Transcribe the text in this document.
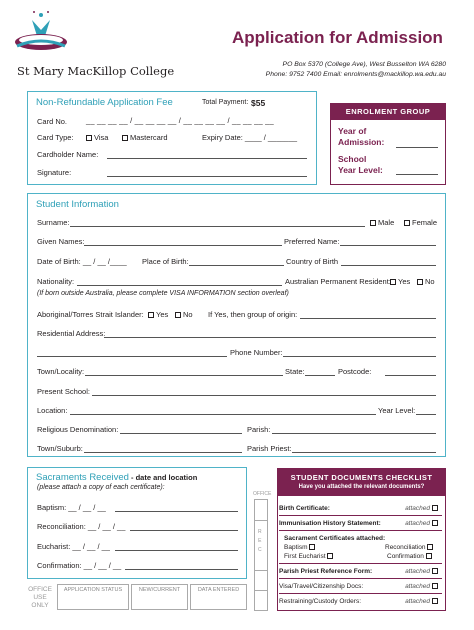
St Mary MacKillop College
Application for Admission
PO Box 5370 (College Ave), West Busselton WA 6280
Phone: 9752 7400 Email: enrolments@mackillop.wa.edu.au
Non-Refundable Application Fee	Total Payment: $55
Card No.	__ __ __ __ / __ __ __ __ / __ __ __ __ / __ __ __ __
Card Type:	Visa	Mastercard	Expiry Date: ____ / _______
Cardholder Name:
Signature:
ENROLMENT GROUP
Year of
Admission:
School
Year Level:
Student Information
Surname:	Male	Female
Given Names:	Preferred Name:
Date of Birth: __ / __ /____ Place of Birth:	Country of Birth
Nationality:	Australian Permanent Resident: Yes	No
(If born outside Australia, please complete VISA INFORMATION section overleaf)
Aboriginal/Torres Strait Islander:	Yes	No If Yes, then group of origin:
Residential Address:
Phone Number:
Town/Locality:	State:	Postcode:
Present School:
Location:	Year Level:
Religious Denomination:	Parish:
Town/Suburb:	Parish Priest:
Sacraments Received - date and location
(please attach a copy of each certificate):
Baptism: __ / __ / __
Reconciliation: __ / __ / __
Eucharist: __ / __ / __
Confirmation: __ / __ / __
OFFICE
R
E
C
OFFICE
USE
ONLY
APPLICATION STATUS	NEW/CURRENT	DATA ENTERED
STUDENT DOCUMENTS CHECKLIST
Have you attached the relevant documents?
Birth Certificate:	attached
Immunisation History Statement:	attached
Sacrament Certificates attached:
Baptism	Reconciliation
First Eucharist	Confirmation
Parish Priest Reference Form:	attached
Visa/Travel/Citizenship Docs:	attached
Restraining/Custody Orders:	attached
